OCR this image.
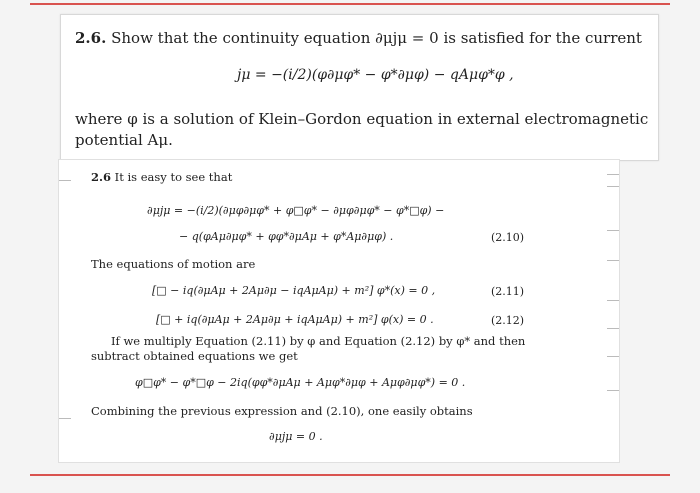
2.6. Show that the continuity equation ∂μjμ = 0 is satisfied for the current
jμ = −(i/2)(φ∂μφ* − φ*∂μφ) − qAμφ*φ ,
where φ is a solution of Klein–Gordon equation in external electromagnetic
potential Aμ.
2.6 It is easy to see that
∂μjμ = −(i/2)(∂μφ∂μφ* + φ□φ* − ∂μφ∂μφ* − φ*□φ) −
− q(φAμ∂μφ* + φφ*∂μAμ + φ*Aμ∂μφ) .	(2.10)
The equations of motion are
[□ − iq(∂μAμ + 2Aμ∂μ − iqAμAμ) + m²] φ*(x) = 0 ,	(2.11)
[□ + iq(∂μAμ + 2Aμ∂μ + iqAμAμ) + m²] φ(x) = 0 .	(2.12)
If we multiply Equation (2.11) by φ and Equation (2.12) by φ* and then
subtract obtained equations we get
φ□φ* − φ*□φ − 2iq(φφ*∂μAμ + Aμφ*∂μφ + Aμφ∂μφ*) = 0 .
Combining the previous expression and (2.10), one easily obtains
∂μjμ = 0 .
